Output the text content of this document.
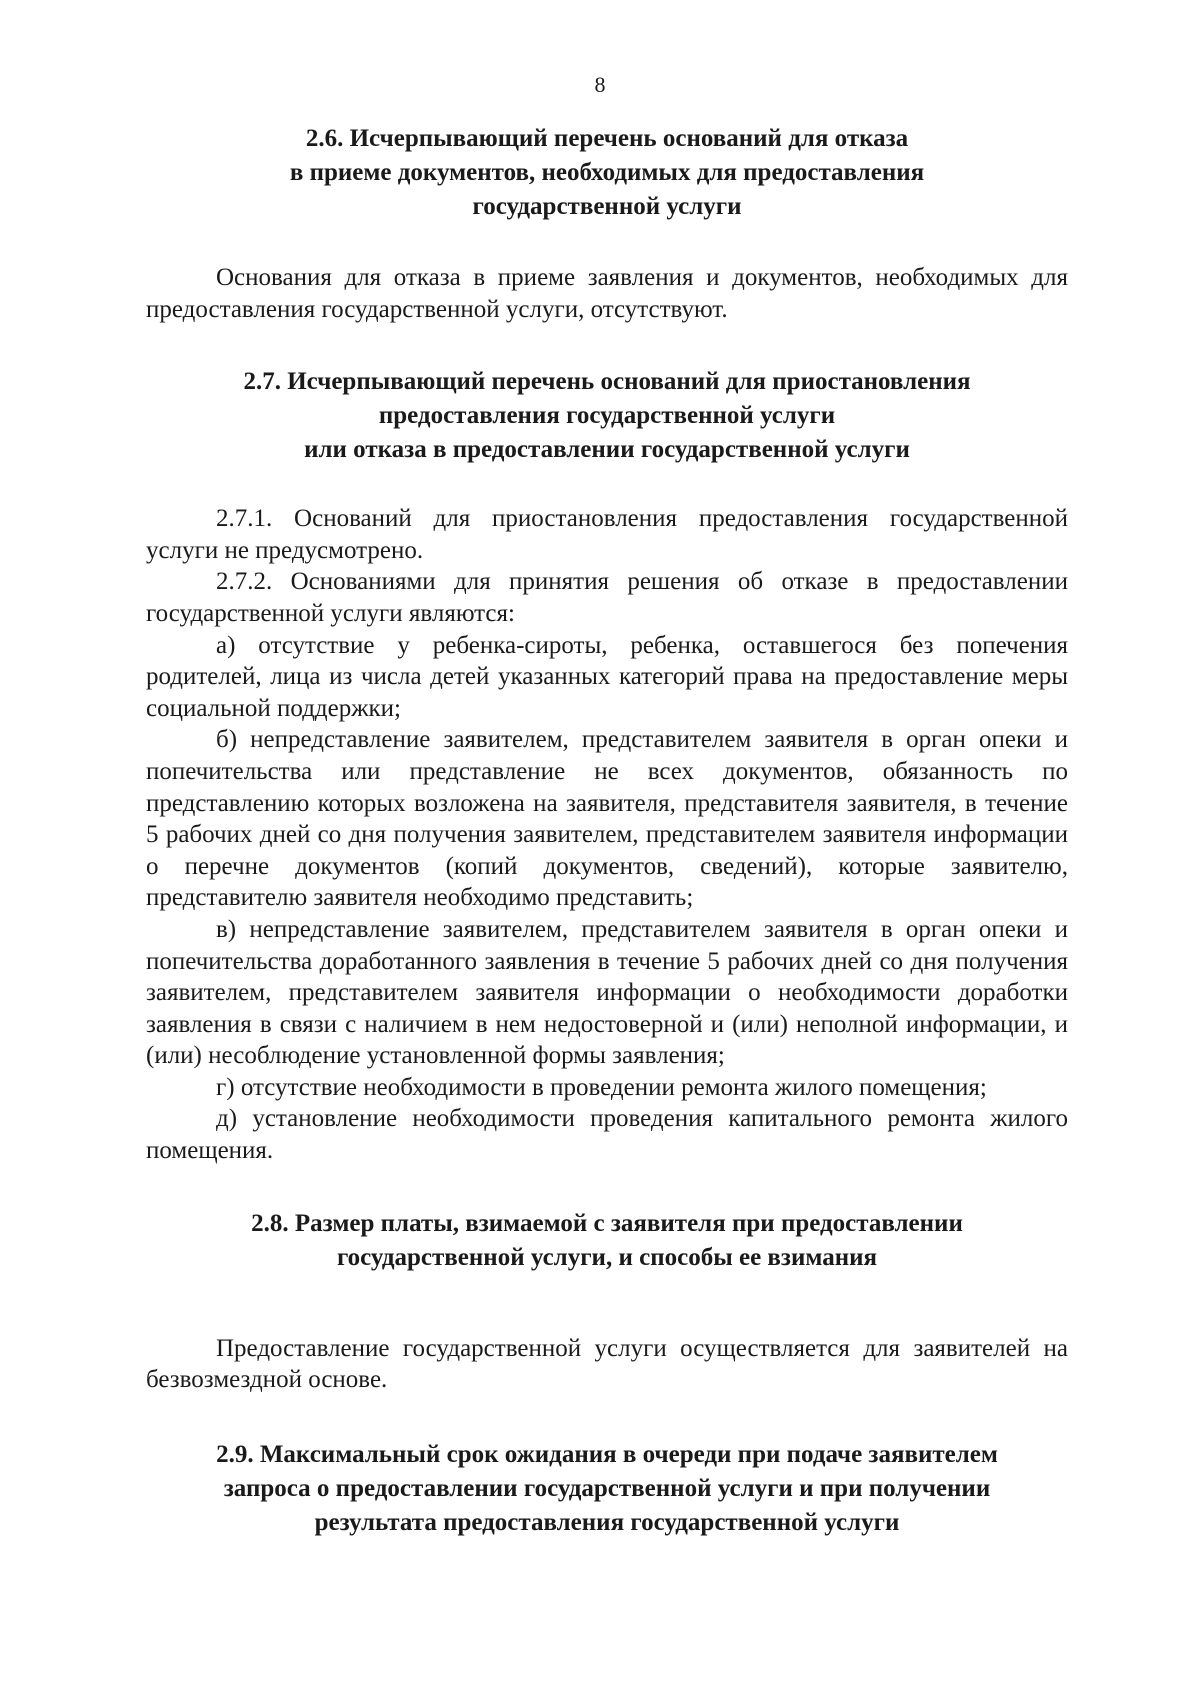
8
2.6. Исчерпывающий перечень оснований для отказа
в приеме документов, необходимых для предоставления
государственной услуги

Основания для отказа в приеме заявления и документов, необходимых для предоставления государственной услуги, отсутствуют.

2.7. Исчерпывающий перечень оснований для приостановления
предоставления государственной услуги
или отказа в предоставлении государственной услуги

2.7.1. Оснований для приостановления предоставления государственной услуги не предусмотрено.

2.7.2. Основаниями для принятия решения об отказе в предоставлении государственной услуги являются:

а) отсутствие у ребенка-сироты, ребенка, оставшегося без попечения родителей, лица из числа детей указанных категорий права на предоставление меры социальной поддержки;

б) непредставление заявителем, представителем заявителя в орган опеки и попечительства или представление не всех документов, обязанность по представлению которых возложена на заявителя, представителя заявителя, в течение 5 рабочих дней со дня получения заявителем, представителем заявителя информации о перечне документов (копий документов, сведений), которые заявителю, представителю заявителя необходимо представить;

в) непредставление заявителем, представителем заявителя в орган опеки и попечительства доработанного заявления в течение 5 рабочих дней со дня получения заявителем, представителем заявителя информации о необходимости доработки заявления в связи с наличием в нем недостоверной и (или) неполной информации, и (или) несоблюдение установленной формы заявления;

г) отсутствие необходимости в проведении ремонта жилого помещения;

д) установление необходимости проведения капитального ремонта жилого помещения.

2.8. Размер платы, взимаемой с заявителя при предоставлении
государственной услуги, и способы ее взимания

Предоставление государственной услуги осуществляется для заявителей на безвозмездной основе.

2.9. Максимальный срок ожидания в очереди при подаче заявителем
запроса о предоставлении государственной услуги и при получении
результата предоставления государственной услуги
